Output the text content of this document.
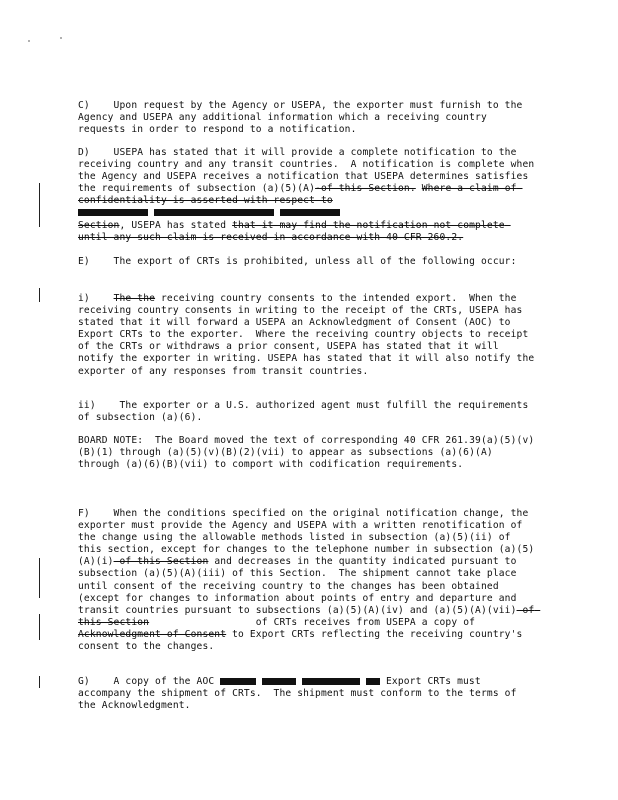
C)    Upon request by the Agency or USEPA, the exporter must furnish to the Agency and USEPA any additional information which a receiving country requests in order to respond to a notification.
D)    USEPA has stated that it will provide a complete notification to the receiving country and any transit countries.  A notification is complete when the Agency and USEPA receives a notification that USEPA determines satisfies the requirements of subsection (a)(5)(A)-of this Section. Where a claim of confidentiality is asserted with respect to

Section, USEPA has stated that it may find the notification not complete until any such claim is received in accordance with 40 CFR 260.2.
E)    The export of CRTs is prohibited, unless all of the following occur:
i)    The the receiving country consents to the intended export.  When the receiving country consents in writing to the receipt of the CRTs, USEPA has stated that it will forward a USEPA an Acknowledgment of Consent (AOC) to Export CRTs to the exporter.  Where the receiving country objects to receipt of the CRTs or withdraws a prior consent, USEPA has stated that it will notify the exporter in writing. USEPA has stated that it will also notify the exporter of any responses from transit countries.
ii)    The exporter or a U.S. authorized agent must fulfill the requirements of subsection (a)(6).
BOARD NOTE:  The Board moved the text of corresponding 40 CFR 261.39(a)(5)(v)(B)(1) through (a)(5)(v)(B)(2)(vii) to appear as subsections (a)(6)(A) through (a)(6)(B)(vii) to comport with codification requirements.
F)    When the conditions specified on the original notification change, the exporter must provide the Agency and USEPA with a written renotification of the change using the allowable methods listed in subsection (a)(5)(ii) of this section, except for changes to the telephone number in subsection (a)(5)(A)(i) of this Section and decreases in the quantity indicated pursuant to subsection (a)(5)(A)(iii) of this Section.  The shipment cannot take place until consent of the receiving country to the changes has been obtained (except for changes to information about points of entry and departure and transit countries pursuant to subsections (a)(5)(A)(iv) and (a)(5)(A)(vii) of this Section                  of CRTs receives from USEPA a copy of            Acknowledgment of Consent to Export CRTs reflecting the receiving country's consent to the changes.
G)    A copy of the AOC	Export CRTs must accompany the shipment of CRTs.  The shipment must conform to the terms of the Acknowledgment.
